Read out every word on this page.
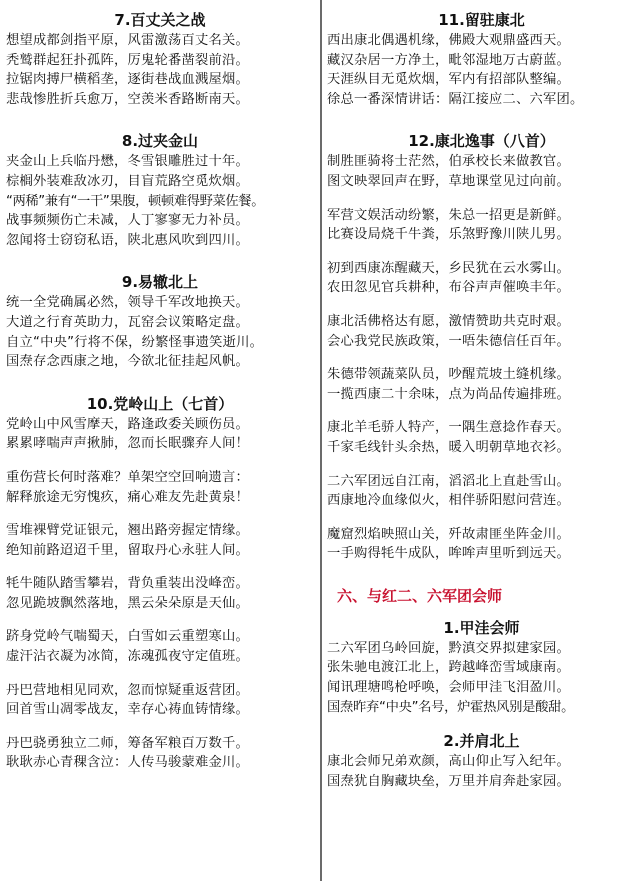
7.百丈关之战
想望成都剑指平原，风雷激荡百丈名关。
秃鹫群起狂扑孤阵，厉鬼轮番凿裂前沿。
拉锯肉搏尸横稻垄，逐街巷战血溅屋烟。
悲哉惨胜折兵愈万，空羡米香路断南天。
8.过夹金山
夹金山上兵临丹懋，冬雪银雕胜过十年。
棕榈外装难敌冰刃，目盲荒路空觅炊烟。
“两稀”兼有“一干”果腹，顿顿难得野菜佐餐。
战事频频伤亡未减，人丁寥寥无力补员。
忽闻将士窃窃私语，陕北惠风吹到四川。
9.易辙北上
统一全党确属必然，领导千军改地换天。
大道之行育英助力，瓦窑会议策略定盘。
自立“中央”行将不保，纷繁怪事遗笑逝川。
国焘存念西康之地，今欲北征挂起风帆。
10.党岭山上（七首）
党岭山中风雪摩天，路逢政委关顾伤员。
累累哮喘声声揪肺，忽而长眠骤弃人间！
重伤营长何时落难？单架空空回响遗言：
解释旅途无穷愧疚，痛心难友先赴黄泉！
雪堆裸臂党证银元，翘出路旁握定情缘。
绝知前路迢迢千里，留取丹心永驻人间。
牦牛随队踏雪攀岩，背负重装出没峰峦。
忽见跪坡飘然落地，黑云朵朵原是天仙。
跻身党岭气喘蜀天，白雪如云重塑寒山。
虚汗沾衣凝为冰简，冻魂孤夜守定值班。
丹巴营地相见同欢，忽而惊疑重返营团。
回首雪山凋零战友，幸存心祷血铸情缘。
丹巴骁勇独立二师，筹备军粮百万数千。
耿耿赤心青稞含泣：人传马骏蒙难金川。
11.留驻康北
西出康北偶遇机缘，佛殿大观鼎盛西天。
藏汉杂居一方净土，毗邻湿地万古蔚蓝。
天涯纵目无觅炊烟，军内有招部队整编。
徐总一番深情讲话：隔江接应二、六军团。
12.康北逸事（八首）
制胜匪骑将士茫然，伯承校长来做教官。
图文映翠回声在野，草地课堂见过向前。
军营文娱活动纷繁，朱总一招更是新鲜。
比赛设局烧千牛粪，乐煞野豫川陕儿男。
初到西康冻醒藏天，乡民犹在云水雾山。
农田忽见官兵耕种，布谷声声催唤丰年。
康北活佛格达有愿，激情赞助共克时艰。
会心我党民族政策，一唔朱德信任百年。
朱德带领蔬菜队员，吵醒荒坡土缝机缘。
一揽西康二十余味，点为尚品传遍排班。
康北羊毛骄人特产，一隅生意捻作春天。
千家毛线针头余热，暖入明朝草地衣衫。
二六军团远自江南，滔滔北上直赴雪山。
西康地冷血缘似火，相伴骄阳慰问营连。
魔窟烈焰映照山关，歼故肃匪坐阵金川。
一手购得牦牛成队，哞哞声里听到远天。
六、与红二、六军团会师
1.甲洼会师
二六军团乌岭回旋，黔滇交界拟建家园。
张朱驰电渡江北上，跨越峰峦雪域康南。
闻讯理塘鸣枪呼唤，会师甲洼飞泪盈川。
国焘昨弃“中央”名号，炉霍热风别是酸甜。
2.并肩北上
康北会师兄弟欢颜，高山仰止写入纪年。
国焘犹自胸藏块垒，万里并肩奔赴家园。
